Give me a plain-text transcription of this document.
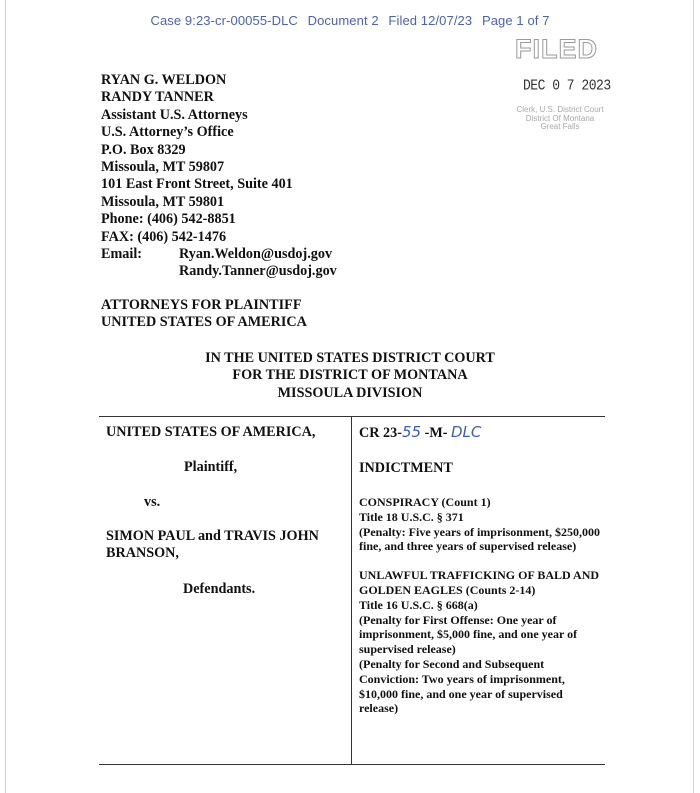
Case 9:23-cr-00055-DLC Document 2 Filed 12/07/23 Page 1 of 7
FILED
DEC 0 7 2023
Clerk, U.S. District Court
District Of Montana
Great Falls
RYAN G. WELDON
RANDY TANNER
Assistant U.S. Attorneys
U.S. Attorney’s Office
P.O. Box 8329
Missoula, MT 59807
101 East Front Street, Suite 401
Missoula, MT 59801
Phone: (406) 542-8851
FAX: (406) 542-1476
Email:	Ryan.Weldon@usdoj.gov
Randy.Tanner@usdoj.gov
ATTORNEYS FOR PLAINTIFF
UNITED STATES OF AMERICA
IN THE UNITED STATES DISTRICT COURT
FOR THE DISTRICT OF MONTANA
MISSOULA DIVISION
UNITED STATES OF AMERICA,
Plaintiff,
vs.
SIMON PAUL and TRAVIS JOHN BRANSON,
Defendants.
CR 23-55 -M- DLC
INDICTMENT
CONSPIRACY (Count 1)
Title 18 U.S.C. § 371
(Penalty: Five years of imprisonment, $250,000 fine, and three years of supervised release)
UNLAWFUL TRAFFICKING OF BALD AND GOLDEN EAGLES (Counts 2-14)
Title 16 U.S.C. § 668(a)
(Penalty for First Offense: One year of imprisonment, $5,000 fine, and one year of supervised release)
(Penalty for Second and Subsequent Conviction: Two years of imprisonment, $10,000 fine, and one year of supervised release)
